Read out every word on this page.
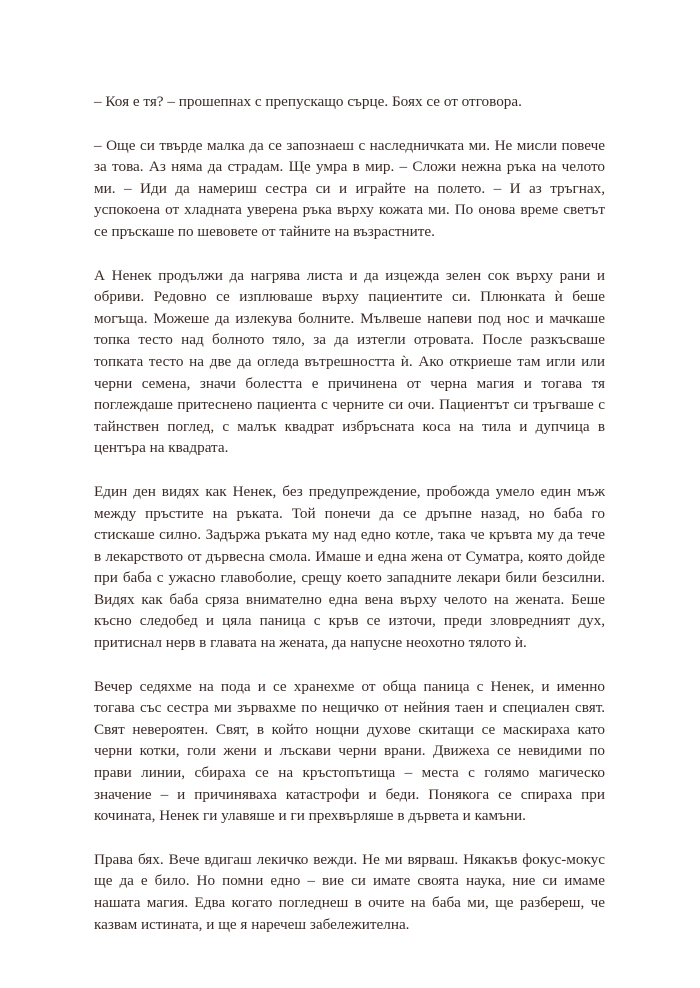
– Коя е тя? – прошепнах с препускащо сърце. Боях се от отговора.

– Още си твърде малка да се запознаеш с наследничката ми. Не мисли повече за това. Аз няма да страдам. Ще умра в мир. – Сложи нежна ръка на челото ми. – Иди да намериш сестра си и играйте на полето. – И аз тръгнах, успокоена от хладната уверена ръка върху кожата ми. По онова време светът се пръскаше по шевовете от тайните на възрастните.

А Ненек продължи да нагрява листа и да изцежда зелен сок върху рани и обриви. Редовно се изплюваше върху пациентите си. Плюнката ѝ беше могъща. Можеше да излекува болните. Мълвеше напеви под нос и мачкаше топка тесто над болното тяло, за да изтегли отровата. После разкъсваше топката тесто на две да огледа вътрешността ѝ. Ако откриеше там игли или черни семена, значи болестта е причинена от черна магия и тогава тя поглеждаше притеснено пациента с черните си очи. Пациентът си тръгваше с тайнствен поглед, с малък квадрат избръсната коса на тила и дупчица в центъра на квадрата.

Един ден видях как Ненек, без предупреждение, пробожда умело един мъж между пръстите на ръката. Той понечи да се дръпне назад, но баба го стискаше силно. Задържа ръката му над едно котле, така че кръвта му да тече в лекарството от дървесна смола. Имаше и една жена от Суматра, която дойде при баба с ужасно главоболие, срещу което западните лекари били безсилни. Видях как баба сряза внимателно една вена върху челото на жената. Беше късно следобед и цяла паница с кръв се източи, преди зловредният дух, притиснал нерв в главата на жената, да напусне неохотно тялото ѝ.

Вечер седяхме на пода и се хранехме от обща паница с Ненек, и именно тогава със сестра ми зървахме по нещичко от нейния таен и специален свят. Свят невероятен. Свят, в който нощни духове скитащи се маскираха като черни котки, голи жени и лъскави черни врани. Движеха се невидими по прави линии, сбираха се на кръстопътища – места с голямо магическо значение – и причиняваха катастрофи и беди. Понякога се спираха при кочината, Ненек ги улавяше и ги прехвърляше в дървета и камъни.

Права бях. Вече вдигаш лекичко вежди. Не ми вярваш. Някакъв фокус-мокус ще да е било. Но помни едно – вие си имате своята наука, ние си имаме нашата магия. Едва когато погледнеш в очите на баба ми, ще разбереш, че казвам истината, и ще я наречеш забележителна.
